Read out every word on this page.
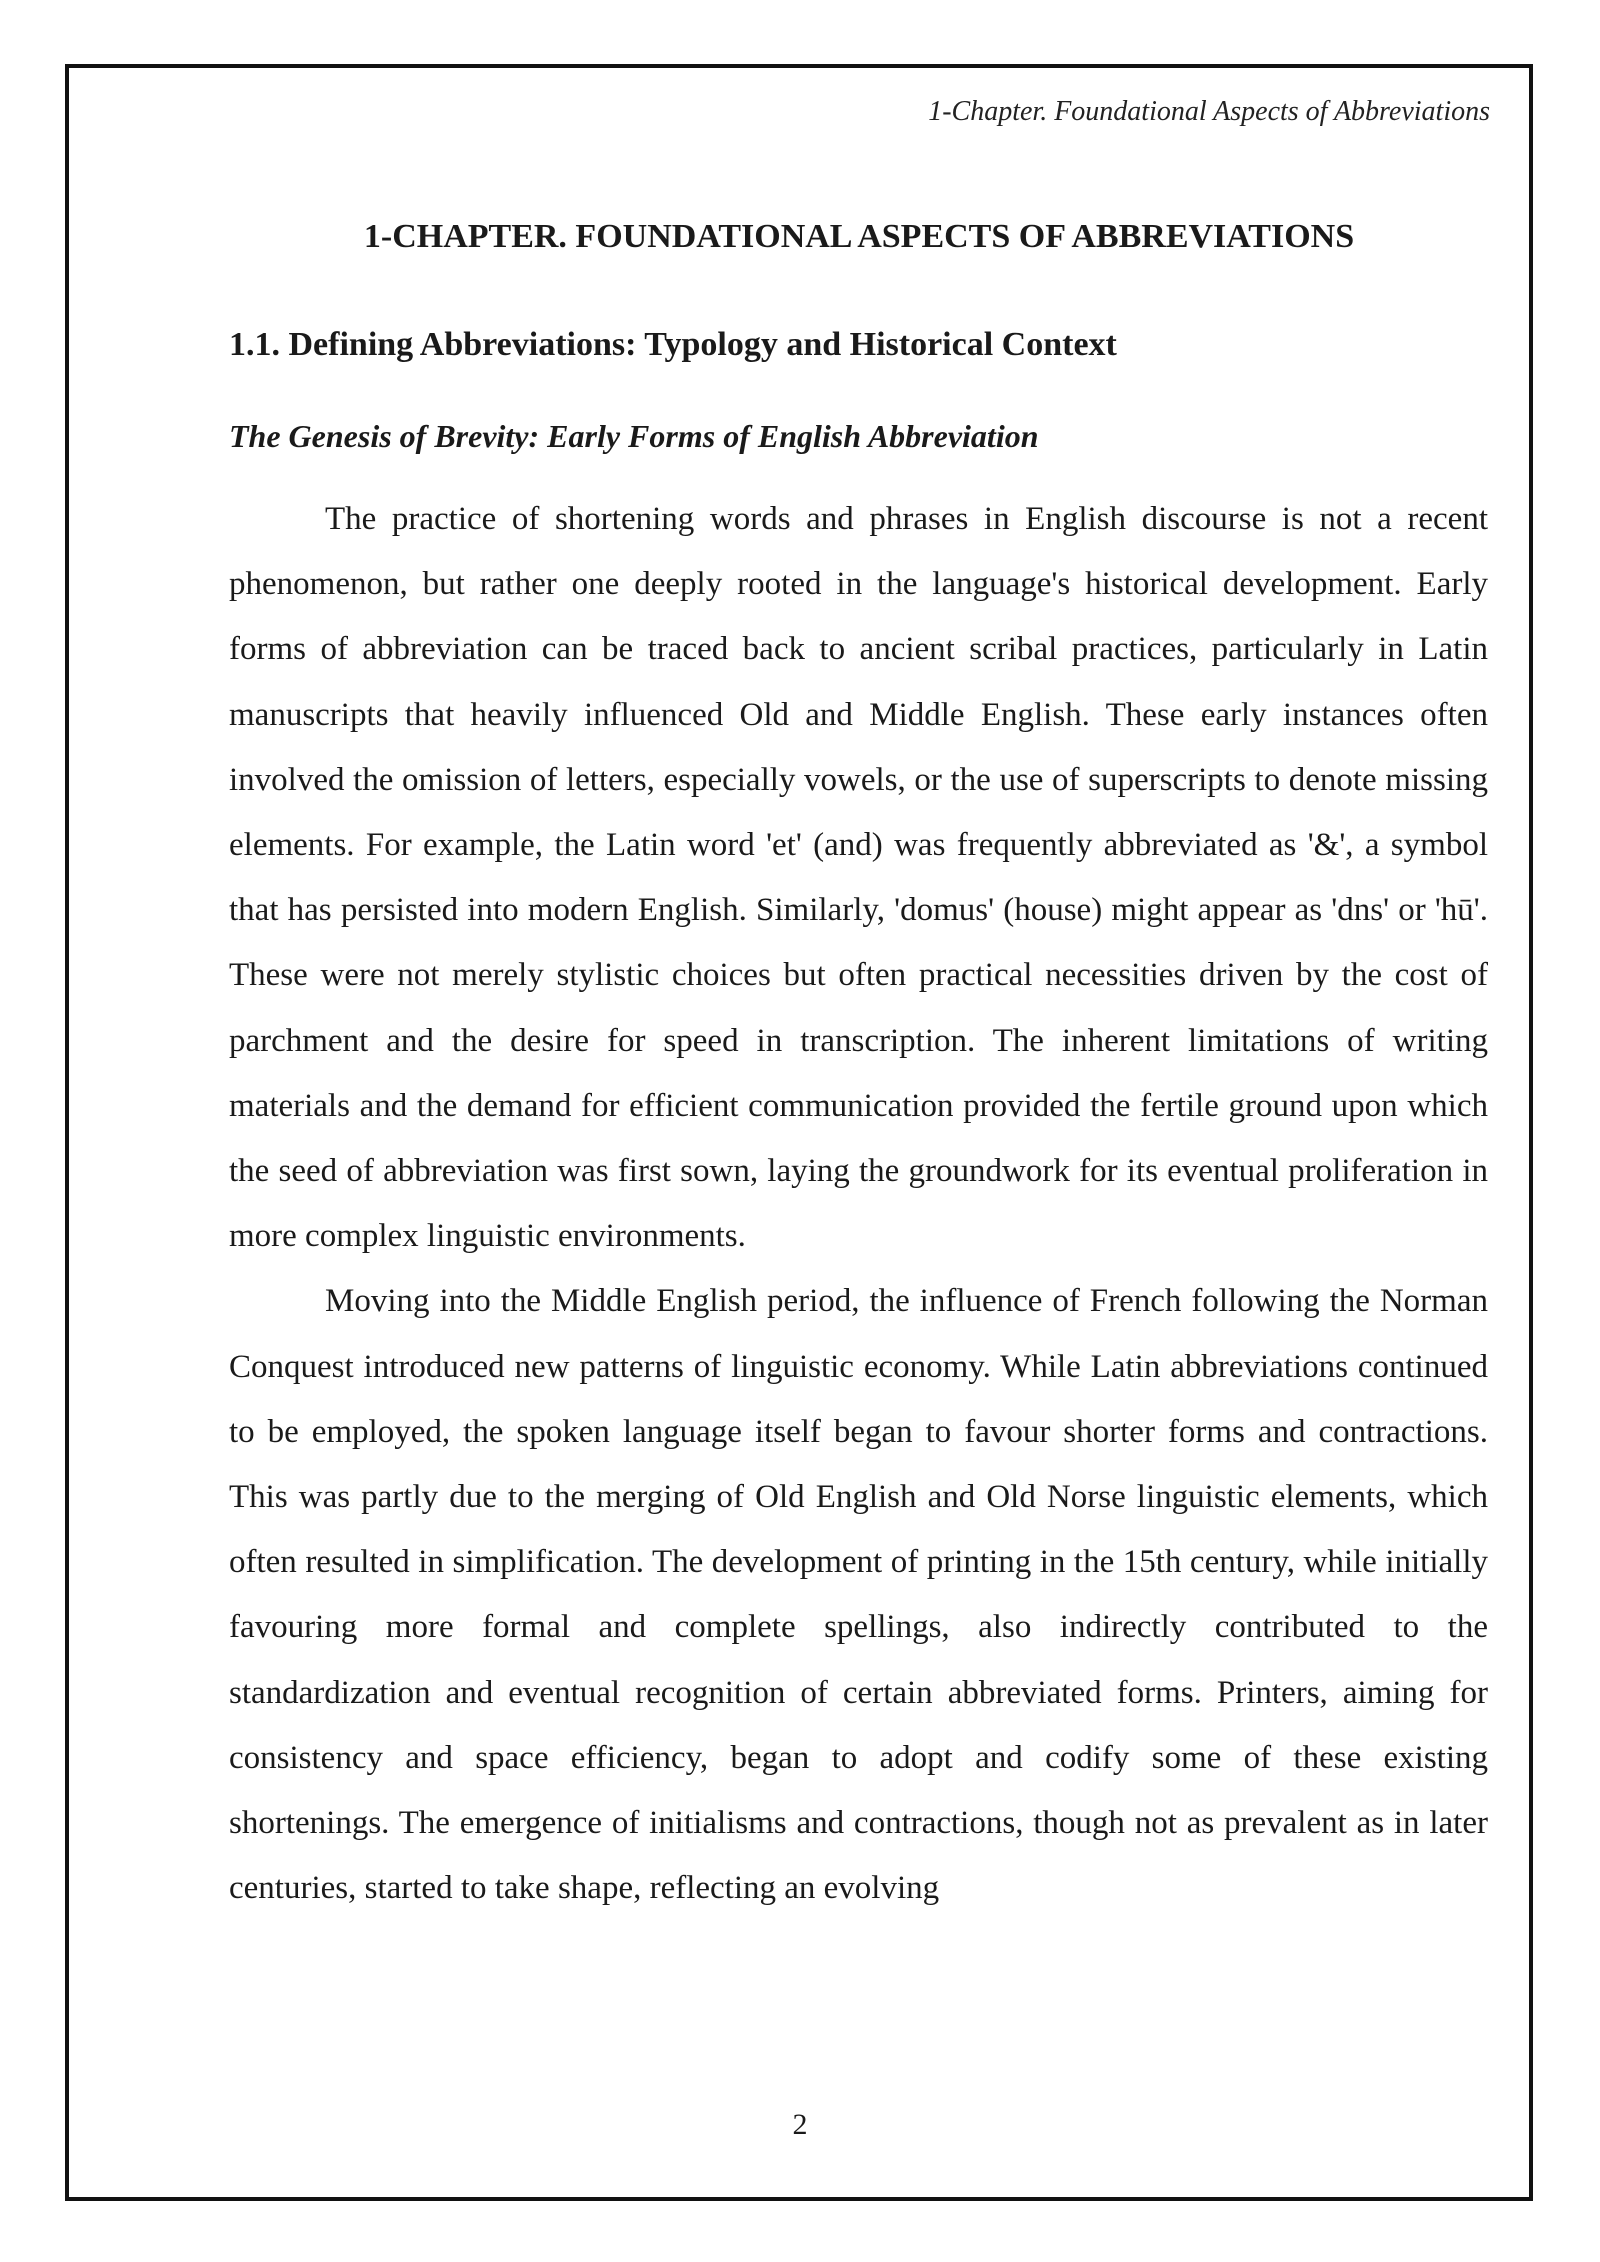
1-Chapter. Foundational Aspects of Abbreviations
1-CHAPTER. FOUNDATIONAL ASPECTS OF ABBREVIATIONS
1.1. Defining Abbreviations: Typology and Historical Context
The Genesis of Brevity: Early Forms of English Abbreviation

The practice of shortening words and phrases in English discourse is not a recent phenomenon, but rather one deeply rooted in the language's historical development. Early forms of abbreviation can be traced back to ancient scribal practices, particularly in Latin manuscripts that heavily influenced Old and Middle English. These early instances often involved the omission of letters, especially vowels, or the use of superscripts to denote missing elements. For example, the Latin word 'et' (and) was frequently abbreviated as '&', a symbol that has persisted into modern English. Similarly, 'domus' (house) might appear as 'dns' or 'hū'. These were not merely stylistic choices but often practical necessities driven by the cost of parchment and the desire for speed in transcription. The inherent limitations of writing materials and the demand for efficient communication provided the fertile ground upon which the seed of abbreviation was first sown, laying the groundwork for its eventual proliferation in more complex linguistic environments.

Moving into the Middle English period, the influence of French following the Norman Conquest introduced new patterns of linguistic economy. While Latin abbreviations continued to be employed, the spoken language itself began to favour shorter forms and contractions. This was partly due to the merging of Old English and Old Norse linguistic elements, which often resulted in simplification. The development of printing in the 15th century, while initially favouring more formal and complete spellings, also indirectly contributed to the standardization and eventual recognition of certain abbreviated forms. Printers, aiming for consistency and space efficiency, began to adopt and codify some of these existing shortenings. The emergence of initialisms and contractions, though not as prevalent as in later centuries, started to take shape, reflecting an evolving

2
